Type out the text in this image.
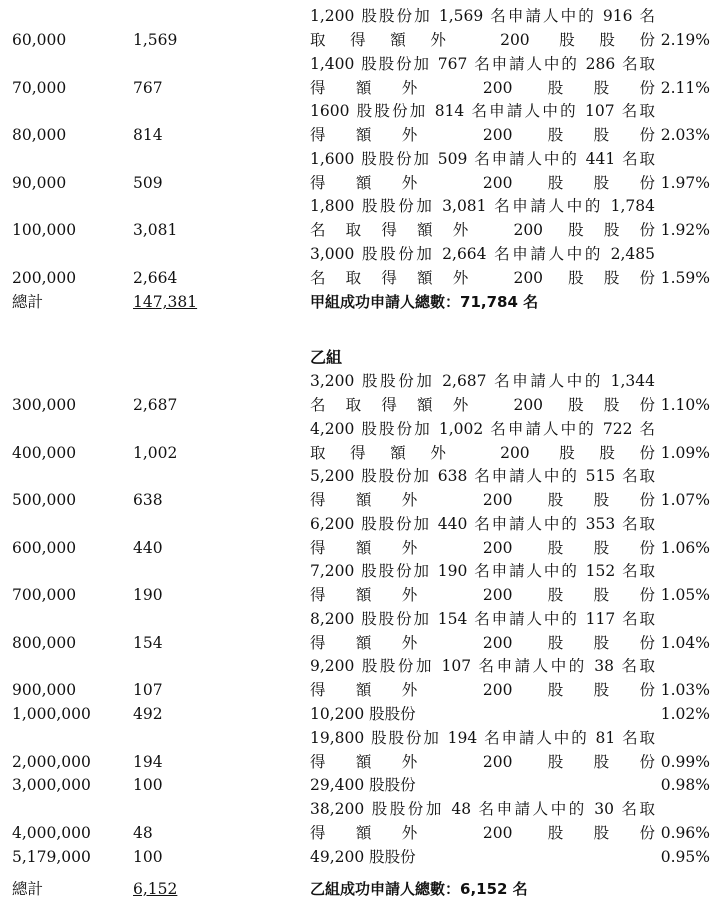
60,000	1,569
1,200 股股份加 1,569 名申請人中的 916 名
取得額外 200 股股份 2.19%
70,000	767
1,400 股股份加 767 名申請人中的 286 名取
得額外 200 股股份 2.11%
80,000	814
1600 股股份加 814 名申請人中的 107 名取
得額外 200 股股份 2.03%
90,000	509
1,600 股股份加 509 名申請人中的 441 名取
得額外 200 股股份 1.97%
100,000	3,081
1,800 股股份加 3,081 名申請人中的 1,784
名取得額外 200 股股份 1.92%
200,000	2,664
3,000 股股份加 2,664 名申請人中的 2,485
名取得額外 200 股股份 1.59%
總計	147,381	甲組成功申請人總數：71,784 名
乙組
300,000	2,687
3,200 股股份加 2,687 名申請人中的 1,344
名取得額外 200 股股份 1.10%
400,000	1,002
4,200 股股份加 1,002 名申請人中的 722 名
取得額外 200 股股份 1.09%
500,000	638
5,200 股股份加 638 名申請人中的 515 名取
得額外 200 股股份 1.07%
600,000	440
6,200 股股份加 440 名申請人中的 353 名取
得額外 200 股股份 1.06%
700,000	190
7,200 股股份加 190 名申請人中的 152 名取
得額外 200 股股份 1.05%
800,000	154
8,200 股股份加 154 名申請人中的 117 名取
得額外 200 股股份 1.04%
900,000	107
9,200 股股份加 107 名申請人中的 38 名取
得額外 200 股股份 1.03%
1,000,000	492	10,200 股股份	1.02%
2,000,000	194
19,800 股股份加 194 名申請人中的 81 名取
得額外 200 股股份 0.99%
3,000,000	100	29,400 股股份	0.98%
4,000,000	48
38,200 股股份加 48 名申請人中的 30 名取
得額外 200 股股份 0.96%
5,179,000	100	49,200 股股份	0.95%
總計	6,152	乙組成功申請人總數：6,152 名
